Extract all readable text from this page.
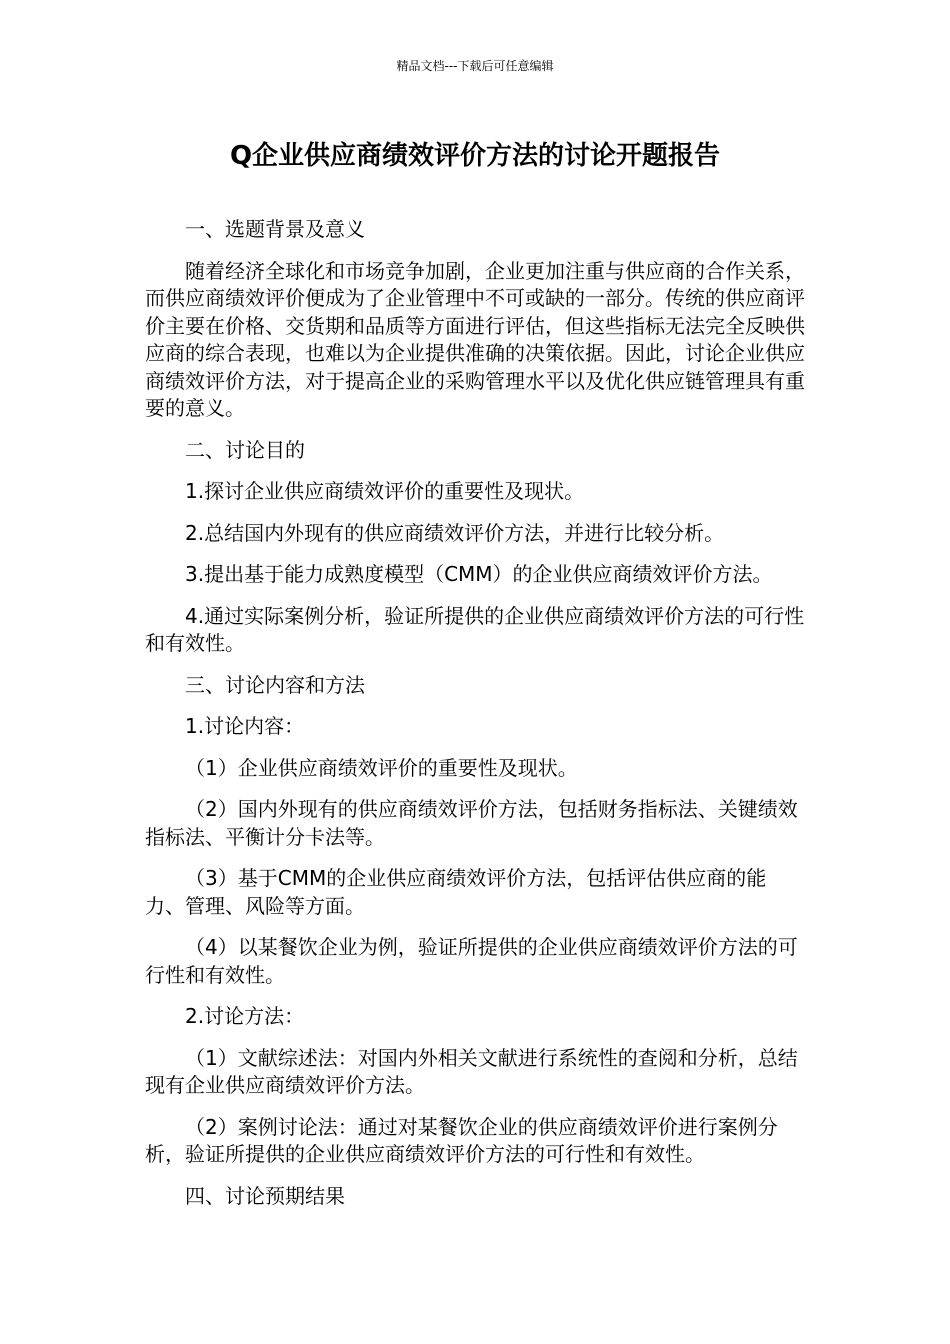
精品文档---下载后可任意编辑
Q企业供应商绩效评价方法的讨论开题报告

一、选题背景及意义

随着经济全球化和市场竞争加剧，企业更加注重与供应商的合作关系，而供应商绩效评价便成为了企业管理中不可或缺的一部分。传统的供应商评价主要在价格、交货期和品质等方面进行评估，但这些指标无法完全反映供应商的综合表现，也难以为企业提供准确的决策依据。因此，讨论企业供应商绩效评价方法，对于提高企业的采购管理水平以及优化供应链管理具有重要的意义。

二、讨论目的

1.探讨企业供应商绩效评价的重要性及现状。

2.总结国内外现有的供应商绩效评价方法，并进行比较分析。

3.提出基于能力成熟度模型（CMM）的企业供应商绩效评价方法。

4.通过实际案例分析，验证所提供的企业供应商绩效评价方法的可行性和有效性。

三、讨论内容和方法

1.讨论内容：

（1）企业供应商绩效评价的重要性及现状。

（2）国内外现有的供应商绩效评价方法，包括财务指标法、关键绩效指标法、平衡计分卡法等。

（3）基于CMM的企业供应商绩效评价方法，包括评估供应商的能力、管理、风险等方面。

（4）以某餐饮企业为例，验证所提供的企业供应商绩效评价方法的可行性和有效性。

2.讨论方法：

（1）文献综述法：对国内外相关文献进行系统性的查阅和分析，总结现有企业供应商绩效评价方法。

（2）案例讨论法：通过对某餐饮企业的供应商绩效评价进行案例分析，验证所提供的企业供应商绩效评价方法的可行性和有效性。

四、讨论预期结果
